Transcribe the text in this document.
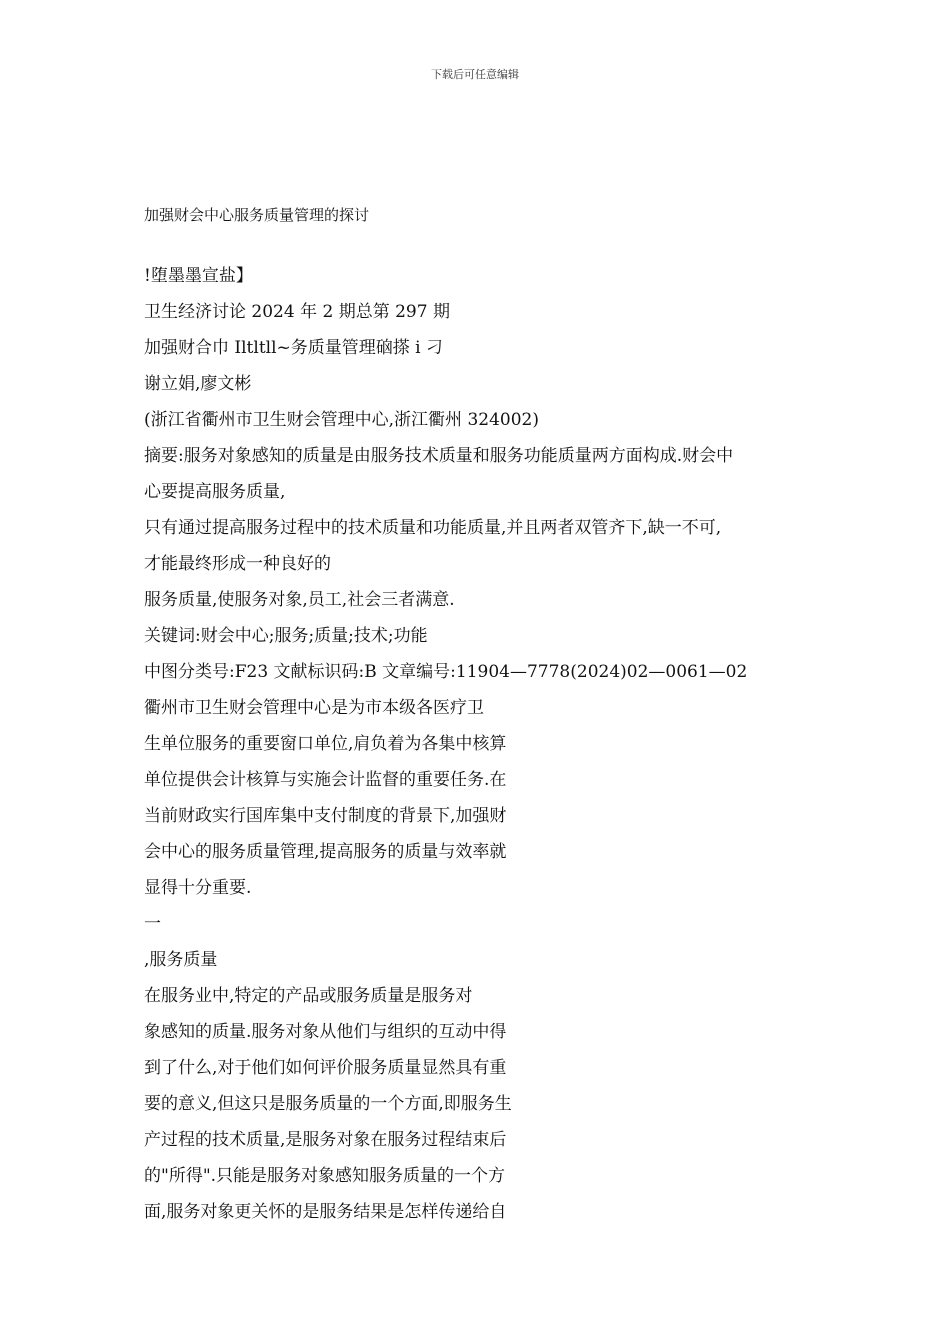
下载后可任意编辑
加强财会中心服务质量管理的探讨
!堕墨墨宣盐】
卫生经济讨论 2024 年 2 期总第 297 期
加强财合巾 Iltltll~务质量管理硇搽 i 刁
谢立娟,廖文彬
(浙江省衢州市卫生财会管理中心,浙江衢州 324002)
摘要:服务对象感知的质量是由服务技术质量和服务功能质量两方面构成.财会中
心要提高服务质量,
只有通过提高服务过程中的技术质量和功能质量,并且两者双管齐下,缺一不可,
才能最终形成一种良好的
服务质量,使服务对象,员工,社会三者满意.
关键词:财会中心;服务;质量;技术;功能
中图分类号:F23 文献标识码:B 文章编号:11904—7778(2024)02—0061—02
衢州市卫生财会管理中心是为市本级各医疗卫
生单位服务的重要窗口单位,肩负着为各集中核算
单位提供会计核算与实施会计监督的重要任务.在
当前财政实行国库集中支付制度的背景下,加强财
会中心的服务质量管理,提高服务的质量与效率就
显得十分重要.
一
,服务质量
在服务业中,特定的产品或服务质量是服务对
象感知的质量.服务对象从他们与组织的互动中得
到了什么,对于他们如何评价服务质量显然具有重
要的意义,但这只是服务质量的一个方面,即服务生
产过程的技术质量,是服务对象在服务过程结束后
的"所得".只能是服务对象感知服务质量的一个方
面,服务对象更关怀的是服务结果是怎样传递给自
